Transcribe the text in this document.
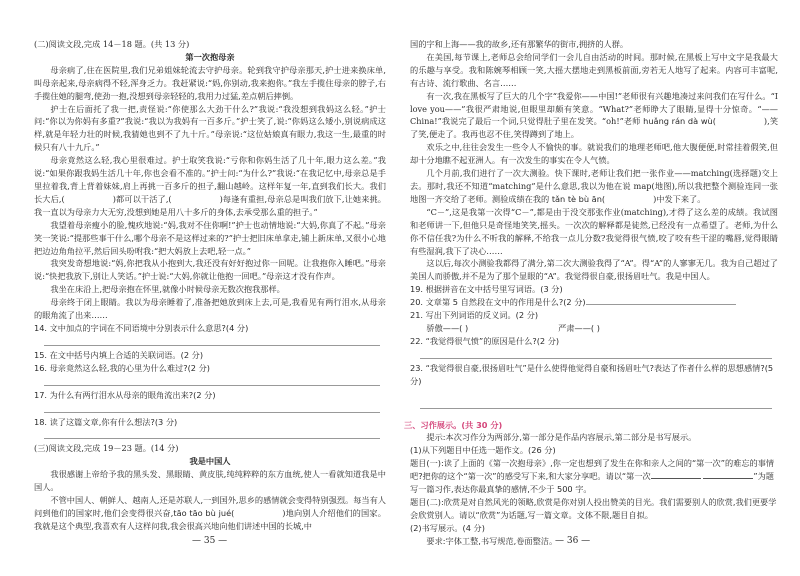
(二)阅读文段,完成 14－18 题。(共 13 分)

第一次抱母亲

母亲病了,住在医院里,我们兄弟姐妹轮流去守护母亲。轮到我守护母亲那天,护士进来换床单,叫母亲起来,母亲病得不轻,浑身乏力。我赶紧说:“妈,你别动,我来抱你。”我左手揽住母亲的脖子,右手揽住她的腿弯,使劲一抱,没想到母亲轻轻的,我用力过猛,差点朝后摔倒。

护士在后面托了我一把,责怪说:“你使那么大劲干什么?”我说:“我没想到我妈这么轻。”护士问:“你以为你妈有多重?”我说:“我以为我妈有一百多斤。”护士笑了,说:“你妈这么矮小,别说病成这样,就是年轻力壮的时候,我猜她也到不了九十斤。”母亲说:“这位姑娘真有眼力,我这一生,最重的时候只有八十九斤。”

母亲竟然这么轻,我心里很难过。护士取笑我说:“亏你和你妈生活了几十年,眼力这么差。”我说:“如果你跟我妈生活几十年,你也会看不准的。”护士问:“为什么?”我说:“在我记忆中,母亲总是手里拉着我,背上背着妹妹,肩上再挑一百多斤的担子,翻山越岭。这样年复一年,直到我们长大。我们长大后,(	)都可以干活了,(	)每逢有重担,母亲总是叫我们放下,让她来挑。我一直以为母亲力大无穷,没想到她是用八十多斤的身体,去承受那么重的担子。”

我望着母亲瘦小的脸,愧疚地说:“妈,我对不住你啊!”护士也动情地说:“大妈,你真了不起。”母亲笑一笑说:“提那些事干什么,哪个母亲不是这样过来的?”护士把旧床单拿走,铺上新床单,又很小心地把边边角角拉平,然后回头吩咐我:“把大妈放上去吧,轻一点。”

我突发奇想地说:“妈,你把我从小抱到大,我还没有好好抱过你一回呢。让我抱你入睡吧。”母亲说:“快把我放下,别让人笑话。”护士说:“大妈,你就让他抱一回吧。”母亲这才没有作声。

我坐在床沿上,把母亲抱在怀里,就像小时候母亲无数次抱我那样。

母亲终于闭上眼睛。我以为母亲睡着了,准备把她放到床上去,可是,我看见有两行泪水,从母亲的眼角流了出来……

14. 文中加点的字词在不同语境中分别表示什么意思?(4 分)

15. 在文中括号内填上合适的关联词语。(2 分)

16. 母亲竟然这么轻,我的心里为什么难过?(2 分)

17. 为什么有两行泪水从母亲的眼角流出来?(2 分)

18. 读了这篇文章,你有什么想法?(3 分)

(三)阅读文段,完成 19－23 题。(14 分)

我是中国人

我很感谢上帝给予我的黑头发、黑眼睛、黄皮肤,纯纯粹粹的东方血统,使人一看就知道我是中国人。

不管中国人、朝鲜人、越南人,还是苏联人,一到国外,思乡的感情就会变得特别强烈。每当有人问到他们的国家时,他们会变得很兴奋,tāo tāo bù jué(	)地向别人介绍他们的国家。我就是这个典型,我喜欢有人这样问我,我会很高兴地向他们讲述中国的长城,中

— 35 —

国的字和上海——我的故乡,还有那繁华的街市,拥挤的人群。

在美国,每节课上,老师总会给同学们一会儿自由活动的时间。那时候,在黑板上写中文字是我最大的乐趣与享受。我和陈婉琴相顾一笑,大摇大摆地走到黑板前面,旁若无人地写了起来。内容可丰富呢,有古诗、流行歌曲、名言……

有一次,我在黑板写了巨大的几个字“我爱你——中国!”老师很有兴趣地凑过来问我们在写什么。“I love you——”我很严肃地说,但眼里却颇有笑意。“What?”老师睁大了眼睛,显得十分惊奇。“——China!”我说完了最后一个词,只觉得肚子里在发笑。“oh!”老师 huǎng rán dà wù(	),笑了笑,便走了。我再也忍不住,笑得蹲到了地上。

欢乐之中,往往会发生一些令人不愉快的事。就说我们的地理老师吧,他大腹便便,时常挂着假笑,但却十分地瞧不起亚洲人。有一次发生的事实在令人气愤。

几个月前,我们进行了一次大测验。快下课时,老师让我们把一张作业——matching(选择题)交上去。那时,我还不知道“matching”是什么意思,我以为他在说 map(地图),所以我把整个测验连同一张地图一齐交给了老师。测验成绩在我的 tǎn tè bù ān(	)中发下来了。

“C－”,这是我第一次得“C－”,都是由于没交那张作业(matching),才得了这么差的成绩。我试图和老师讲一下,但他只是奇怪地笑笑,摇头。一次次的解释都是徒然,已经没有一点希望了。老师,为什么你不信任我?为什么不听我的解释,不给我一点儿分数?我觉得很气愤,咬了咬有些干涩的嘴唇,觉得眼睛有些湿润,我下了决心……

这以后,每次小测验我都得了满分,第二次大测验我得了“A”。得“A”的人寥寥无几。我为自己超过了美国人而骄傲,并不是为了那个显眼的“A”。我觉得很自豪,很扬眉吐气。我是中国人。

19. 根据拼音在文中括号里写词语。(3 分)

20. 文章第 5 自然段在文中的作用是什么?(2 分)

21. 写出下列词语的反义词。(2 分)

骄傲——( )	严肃——( )

22. “我觉得很气愤”的原因是什么?(2 分)

23. “我觉得很自豪,很扬眉吐气”是什么使得他觉得自豪和扬眉吐气?表达了作者什么样的思想感情?(5 分)

三、习作展示。(共 30 分)

提示:本次习作分为两部分,第一部分是作品内容展示,第二部分是书写展示。

(1)从下列题目中任选一题作文。(26 分)

题目(一):读了上面的《第一次抱母亲》,你一定也想到了发生在你和亲人之间的“第一次”的难忘的事情吧?把你的这个“第一次”的感受写下来,和大家分享吧。请以“第一次	”为题写一篇习作,表达你最真挚的感情,不少于 500 字。

题目(二):欣赏是对自然风光的领略,欣赏是你对别人投出赞美的目光。我们需要别人的欣赏,我们更要学会欣赏别人。请以“欣赏”为话题,写一篇文章。文体不限,题目自拟。

(2)书写展示。(4 分)

要求:字体工整,书写规范,卷面整洁。

— 36 —
